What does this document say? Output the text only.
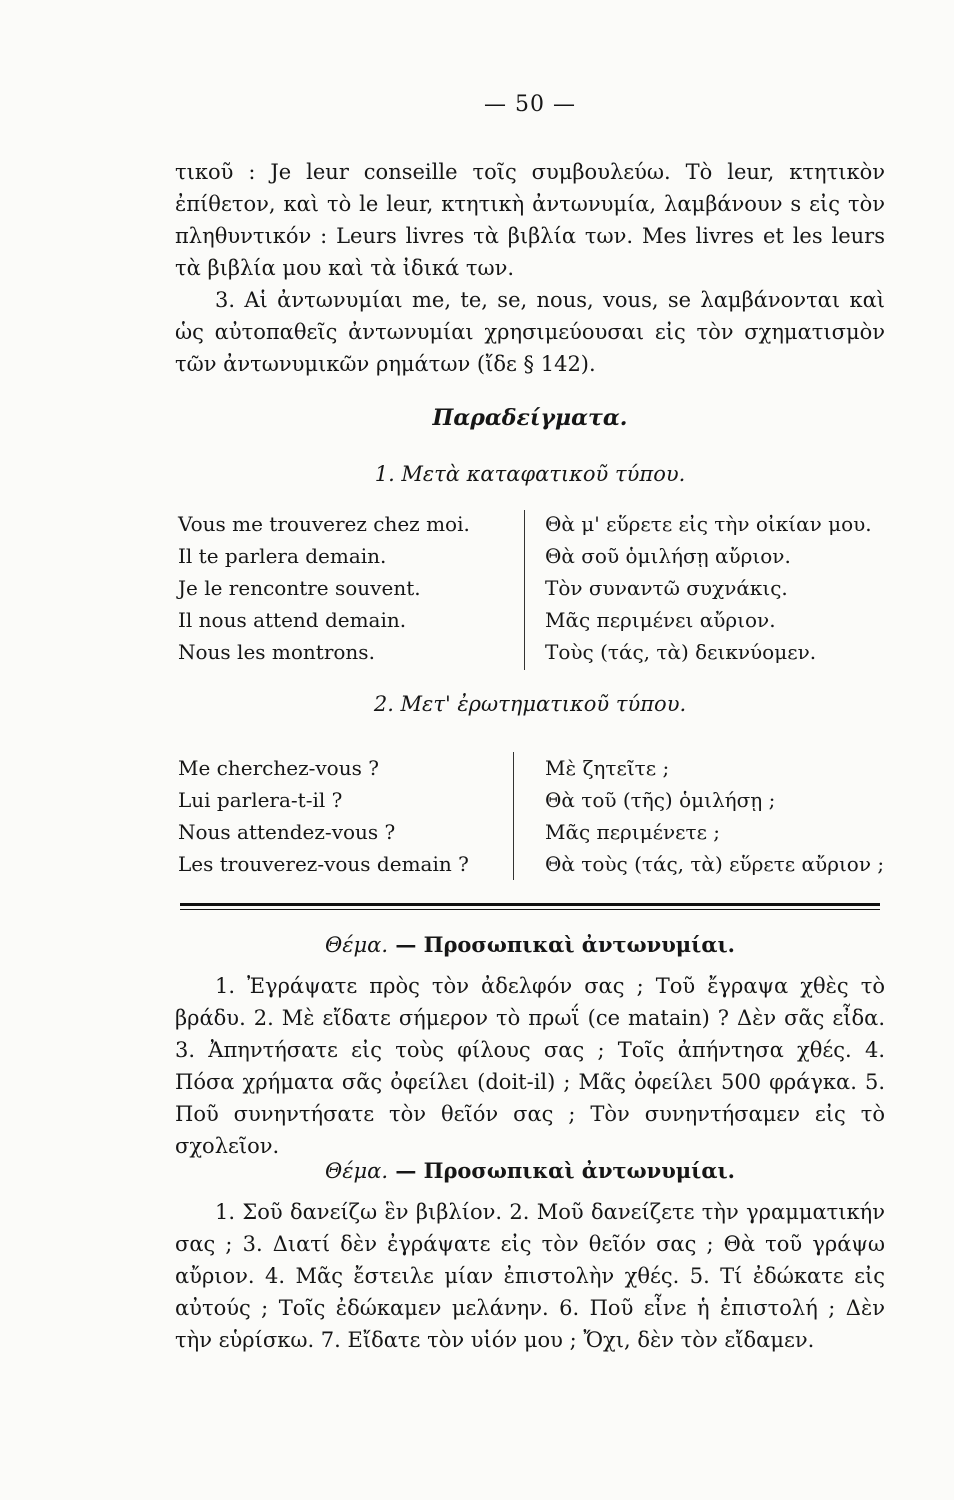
— 50 —

τικοῦ : Je leur conseille τοῖς συμβουλεύω. Τὸ leur, κτητικὸν ἐπίθετον, καὶ τὸ le leur, κτητικὴ ἀντωνυμία, λαμβάνουν s εἰς τὸν πληθυντικόν : Leurs livres τὰ βιβλία των. Mes livres et les leurs τὰ βιβλία μου καὶ τὰ ἰδικά των.

3. Αἱ ἀντωνυμίαι me, te, se, nous, vous, se λαμβάνονται καὶ ὡς αὐτοπαθεῖς ἀντωνυμίαι χρησιμεύουσαι εἰς τὸν σχηματισμὸν τῶν ἀντωνυμικῶν ρημάτων (ἴδε § 142).

Παραδείγματα.
1. Μετὰ καταφατικοῦ τύπου.
Vous me trouverez chez moi.
Il te parlera demain.
Je le rencontre souvent.
Il nous attend demain.
Nous les montrons.
Θὰ μ' εὕρετε εἰς τὴν οἰκίαν μου.
Θὰ σοῦ ὁμιλήσῃ αὔριον.
Τὸν συναντῶ συχνάκις.
Μᾶς περιμένει αὔριον.
Τοὺς (τάς, τὰ) δεικνύομεν.
2. Μετ' ἐρωτηματικοῦ τύπου.
Me cherchez-vous ?
Lui parlera-t-il ?
Nous attendez-vous ?
Les trouverez-vous demain ?
Μὲ ζητεῖτε ;
Θὰ τοῦ (τῆς) ὁμιλήσῃ ;
Μᾶς περιμένετε ;
Θὰ τοὺς (τάς, τὰ) εὕρετε αὔριον ;
Θέμα. — Προσωπικαὶ ἀντωνυμίαι.

1. Ἐγράψατε πρὸς τὸν ἀδελφόν σας ; Τοῦ ἔγραψα χθὲς τὸ βράδυ. 2. Μὲ εἴδατε σήμερον τὸ πρωΐ (ce matain) ? Δὲν σᾶς εἶδα. 3. Ἀπηντήσατε εἰς τοὺς φίλους σας ; Τοῖς ἀπήντησα χθές. 4. Πόσα χρήματα σᾶς ὀφείλει (doit-il) ; Μᾶς ὀφείλει 500 φράγκα. 5. Ποῦ συνηντήσατε τὸν θεῖόν σας ; Τὸν συνηντήσαμεν εἰς τὸ σχολεῖον.

Θέμα. — Προσωπικαὶ ἀντωνυμίαι.

1. Σοῦ δανείζω ἓν βιβλίον. 2. Μοῦ δανείζετε τὴν γραμματικήν σας ; 3. Διατί δὲν ἐγράψατε εἰς τὸν θεῖόν σας ; Θὰ τοῦ γράψω αὔριον. 4. Μᾶς ἔστειλε μίαν ἐπιστολὴν χθές. 5. Τί ἐδώκατε εἰς αὐτούς ; Τοῖς ἐδώκαμεν μελάνην. 6. Ποῦ εἶνε ἡ ἐπιστολή ; Δὲν τὴν εὑρίσκω. 7. Εἴδατε τὸν υἱόν μου ; Ὄχι, δὲν τὸν εἴδαμεν.
